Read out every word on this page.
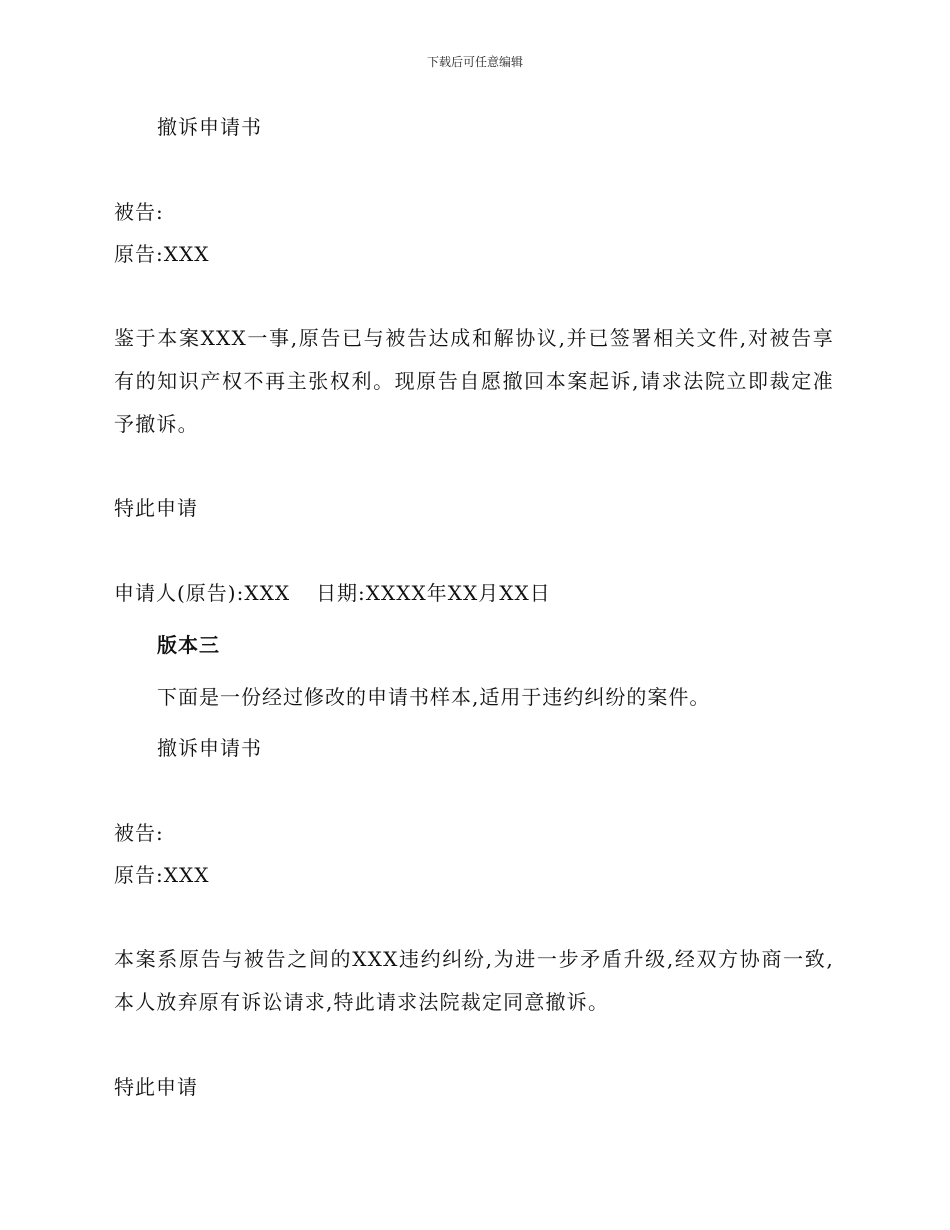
下载后可任意编辑
撤诉申请书
被告:
原告:XXX
鉴于本案XXX一事,原告已与被告达成和解协议,并已签署相关文件,对被告享有的知识产权不再主张权利。现原告自愿撤回本案起诉,请求法院立即裁定准予撤诉。
特此申请
申请人(原告):XXX 日期:XXXX年XX月XX日
版本三
下面是一份经过修改的申请书样本,适用于违约纠纷的案件。
撤诉申请书
被告:
原告:XXX
本案系原告与被告之间的XXX违约纠纷,为进一步矛盾升级,经双方协商一致,本人放弃原有诉讼请求,特此请求法院裁定同意撤诉。
特此申请
